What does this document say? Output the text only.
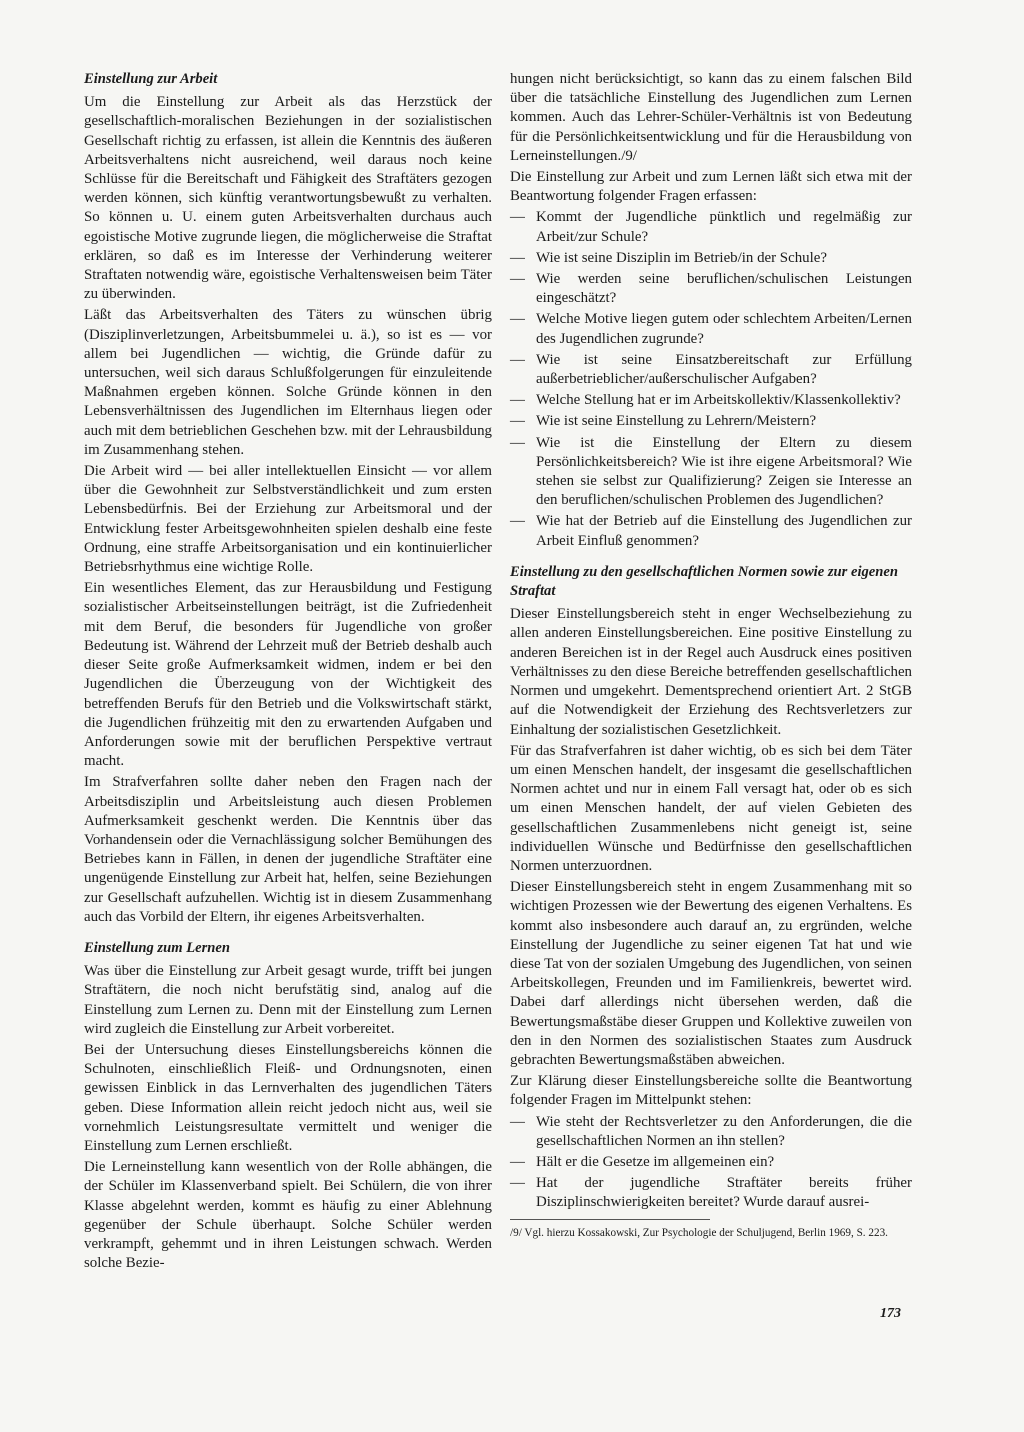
Einstellung zur Arbeit

Um die Einstellung zur Arbeit als das Herzstück der gesellschaftlich-moralischen Beziehungen in der sozialistischen Gesellschaft richtig zu erfassen, ist allein die Kenntnis des äußeren Arbeitsverhaltens nicht ausreichend, weil daraus noch keine Schlüsse für die Bereitschaft und Fähigkeit des Straftäters gezogen werden können, sich künftig verantwortungsbewußt zu verhalten. So können u. U. einem guten Arbeitsverhalten durchaus auch egoistische Motive zugrunde liegen, die möglicherweise die Straftat erklären, so daß es im Interesse der Verhinderung weiterer Straftaten notwendig wäre, egoistische Verhaltensweisen beim Täter zu überwinden.

Läßt das Arbeitsverhalten des Täters zu wünschen übrig (Disziplinverletzungen, Arbeitsbummelei u. ä.), so ist es — vor allem bei Jugendlichen — wichtig, die Gründe dafür zu untersuchen, weil sich daraus Schlußfolgerungen für einzuleitende Maßnahmen ergeben können. Solche Gründe können in den Lebensverhältnissen des Jugendlichen im Elternhaus liegen oder auch mit dem betrieblichen Geschehen bzw. mit der Lehrausbildung im Zusammenhang stehen.

Die Arbeit wird — bei aller intellektuellen Einsicht — vor allem über die Gewohnheit zur Selbstverständlichkeit und zum ersten Lebensbedürfnis. Bei der Erziehung zur Arbeitsmoral und der Entwicklung fester Arbeitsgewohnheiten spielen deshalb eine feste Ordnung, eine straffe Arbeitsorganisation und ein kontinuierlicher Betriebsrhythmus eine wichtige Rolle.

Ein wesentliches Element, das zur Herausbildung und Festigung sozialistischer Arbeitseinstellungen beiträgt, ist die Zufriedenheit mit dem Beruf, die besonders für Jugendliche von großer Bedeutung ist. Während der Lehrzeit muß der Betrieb deshalb auch dieser Seite große Aufmerksamkeit widmen, indem er bei den Jugendlichen die Überzeugung von der Wichtigkeit des betreffenden Berufs für den Betrieb und die Volkswirtschaft stärkt, die Jugendlichen frühzeitig mit den zu erwartenden Aufgaben und Anforderungen sowie mit der beruflichen Perspektive vertraut macht.

Im Strafverfahren sollte daher neben den Fragen nach der Arbeitsdisziplin und Arbeitsleistung auch diesen Problemen Aufmerksamkeit geschenkt werden. Die Kenntnis über das Vorhandensein oder die Vernachlässigung solcher Bemühungen des Betriebes kann in Fällen, in denen der jugendliche Straftäter eine ungenügende Einstellung zur Arbeit hat, helfen, seine Beziehungen zur Gesellschaft aufzuhellen. Wichtig ist in diesem Zusammenhang auch das Vorbild der Eltern, ihr eigenes Arbeitsverhalten.

Einstellung zum Lernen

Was über die Einstellung zur Arbeit gesagt wurde, trifft bei jungen Straftätern, die noch nicht berufstätig sind, analog auf die Einstellung zum Lernen zu. Denn mit der Einstellung zum Lernen wird zugleich die Einstellung zur Arbeit vorbereitet.

Bei der Untersuchung dieses Einstellungsbereichs können die Schulnoten, einschließlich Fleiß- und Ordnungsnoten, einen gewissen Einblick in das Lernverhalten des jugendlichen Täters geben. Diese Information allein reicht jedoch nicht aus, weil sie vornehmlich Leistungsresultate vermittelt und weniger die Einstellung zum Lernen erschließt.

Die Lerneinstellung kann wesentlich von der Rolle abhängen, die der Schüler im Klassenverband spielt. Bei Schülern, die von ihrer Klasse abgelehnt werden, kommt es häufig zu einer Ablehnung gegenüber der Schule überhaupt. Solche Schüler werden verkrampft, gehemmt und in ihren Leistungen schwach. Werden solche Bezie-

hungen nicht berücksichtigt, so kann das zu einem falschen Bild über die tatsächliche Einstellung des Jugendlichen zum Lernen kommen. Auch das Lehrer-Schüler-Verhältnis ist von Bedeutung für die Persönlichkeitsentwicklung und für die Herausbildung von Lerneinstellungen./9/

Die Einstellung zur Arbeit und zum Lernen läßt sich etwa mit der Beantwortung folgender Fragen erfassen:

— Kommt der Jugendliche pünktlich und regelmäßig zur Arbeit/zur Schule?
— Wie ist seine Disziplin im Betrieb/in der Schule?
— Wie werden seine beruflichen/schulischen Leistungen eingeschätzt?
— Welche Motive liegen gutem oder schlechtem Arbeiten/Lernen des Jugendlichen zugrunde?
— Wie ist seine Einsatzbereitschaft zur Erfüllung außerbetrieblicher/außerschulischer Aufgaben?
— Welche Stellung hat er im Arbeitskollektiv/Klassenkollektiv?
— Wie ist seine Einstellung zu Lehrern/Meistern?
— Wie ist die Einstellung der Eltern zu diesem Persönlichkeitsbereich? Wie ist ihre eigene Arbeitsmoral? Wie stehen sie selbst zur Qualifizierung? Zeigen sie Interesse an den beruflichen/schulischen Problemen des Jugendlichen?
— Wie hat der Betrieb auf die Einstellung des Jugendlichen zur Arbeit Einfluß genommen?
Einstellung zu den gesellschaftlichen Normen sowie zur eigenen Straftat

Dieser Einstellungsbereich steht in enger Wechselbeziehung zu allen anderen Einstellungsbereichen. Eine positive Einstellung zu anderen Bereichen ist in der Regel auch Ausdruck eines positiven Verhältnisses zu den diese Bereiche betreffenden gesellschaftlichen Normen und umgekehrt. Dementsprechend orientiert Art. 2 StGB auf die Notwendigkeit der Erziehung des Rechtsverletzers zur Einhaltung der sozialistischen Gesetzlichkeit.

Für das Strafverfahren ist daher wichtig, ob es sich bei dem Täter um einen Menschen handelt, der insgesamt die gesellschaftlichen Normen achtet und nur in einem Fall versagt hat, oder ob es sich um einen Menschen handelt, der auf vielen Gebieten des gesellschaftlichen Zusammenlebens nicht geneigt ist, seine individuellen Wünsche und Bedürfnisse den gesellschaftlichen Normen unterzuordnen.

Dieser Einstellungsbereich steht in engem Zusammenhang mit so wichtigen Prozessen wie der Bewertung des eigenen Verhaltens. Es kommt also insbesondere auch darauf an, zu ergründen, welche Einstellung der Jugendliche zu seiner eigenen Tat hat und wie diese Tat von der sozialen Umgebung des Jugendlichen, von seinen Arbeitskollegen, Freunden und im Familienkreis, bewertet wird. Dabei darf allerdings nicht übersehen werden, daß die Bewertungsmaßstäbe dieser Gruppen und Kollektive zuweilen von den in den Normen des sozialistischen Staates zum Ausdruck gebrachten Bewertungsmaßstäben abweichen.

Zur Klärung dieser Einstellungsbereiche sollte die Beantwortung folgender Fragen im Mittelpunkt stehen:

— Wie steht der Rechtsverletzer zu den Anforderungen, die die gesellschaftlichen Normen an ihn stellen?
— Hält er die Gesetze im allgemeinen ein?
— Hat der jugendliche Straftäter bereits früher Disziplinschwierigkeiten bereitet? Wurde darauf ausrei-

/9/ Vgl. hierzu Kossakowski, Zur Psychologie der Schuljugend, Berlin 1969, S. 223.

173
